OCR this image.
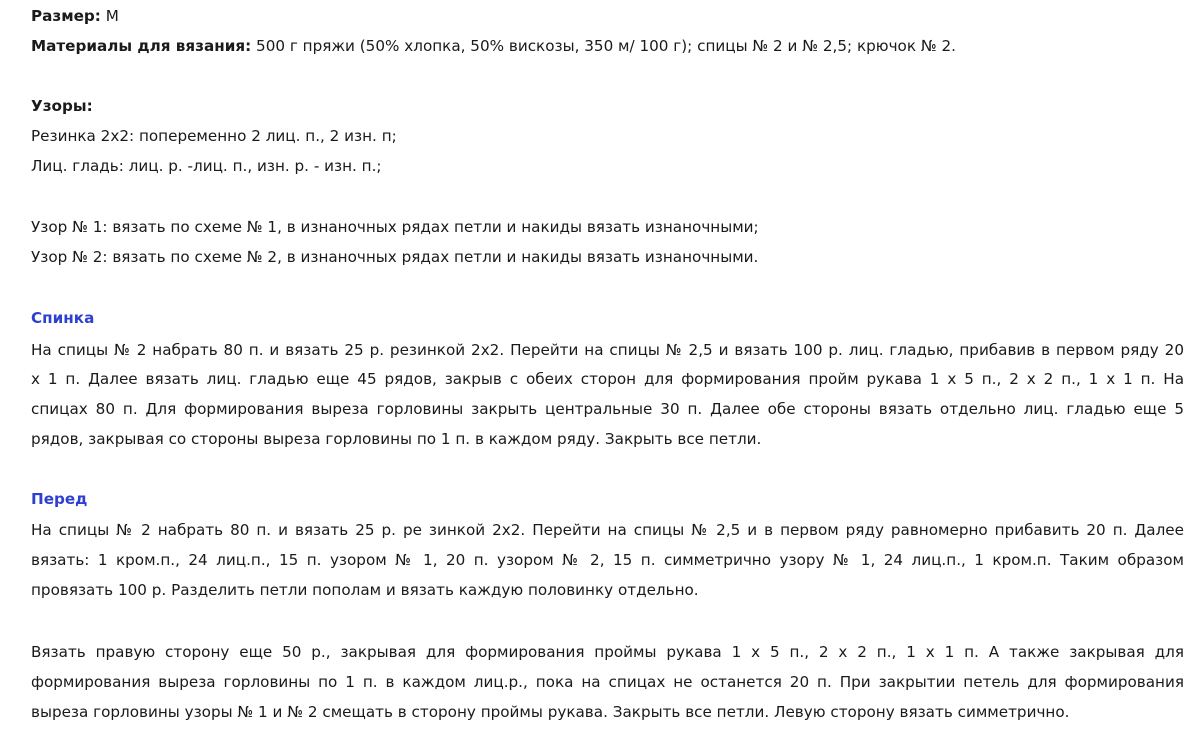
Размер: M
Материалы для вязания: 500 г пряжи (50% хлопка, 50% вискозы, 350 м/ 100 г); спицы № 2 и № 2,5; крючок № 2.
Узоры:
Резинка 2х2: попеременно 2 лиц. п., 2 изн. п;
Лиц. гладь: лиц. р. -лиц. п., изн. р. - изн. п.;
Узор № 1: вязать по схеме № 1, в изнаночных рядах петли и накиды вязать изнаночными;
Узор № 2: вязать по схеме № 2, в изнаночных рядах петли и накиды вязать изнаночными.
Спинка
На спицы № 2 набрать 80 п. и вязать 25 р. резинкой 2х2. Перейти на спицы № 2,5 и вязать 100 р. лиц. гладью, прибавив в первом ряду 20
х 1 п. Далее вязать лиц. гладью еще 45 рядов, закрыв с обеих сторон для формирования пройм рукава 1 х 5 п., 2 х 2 п., 1 х 1 п. На
спицах 80 п. Для формирования выреза горловины закрыть центральные 30 п. Далее обе стороны вязать отдельно лиц. гладью еще 5
рядов, закрывая со стороны выреза горловины по 1 п. в каждом ряду. Закрыть все петли.
Перед
На спицы № 2 набрать 80 п. и вязать 25 р. ре зинкой 2х2. Перейти на спицы № 2,5 и в первом ряду равномерно прибавить 20 п. Далее
вязать: 1 кром.п., 24 лиц.п., 15 п. узором № 1, 20 п. узором № 2, 15 п. симметрично узору № 1, 24 лиц.п., 1 кром.п. Таким образом
провязать 100 р. Разделить петли пополам и вязать каждую половинку отдельно.
Вязать правую сторону еще 50 р., закрывая для формирования проймы рукава 1 х 5 п., 2 х 2 п., 1 х 1 п. А также закрывая для
формирования выреза горловины по 1 п. в каждом лиц.р., пока на спицах не останется 20 п. При закрытии петель для формирования
выреза горловины узоры № 1 и № 2 смещать в сторону проймы рукава. Закрыть все петли. Левую сторону вязать симметрично.
